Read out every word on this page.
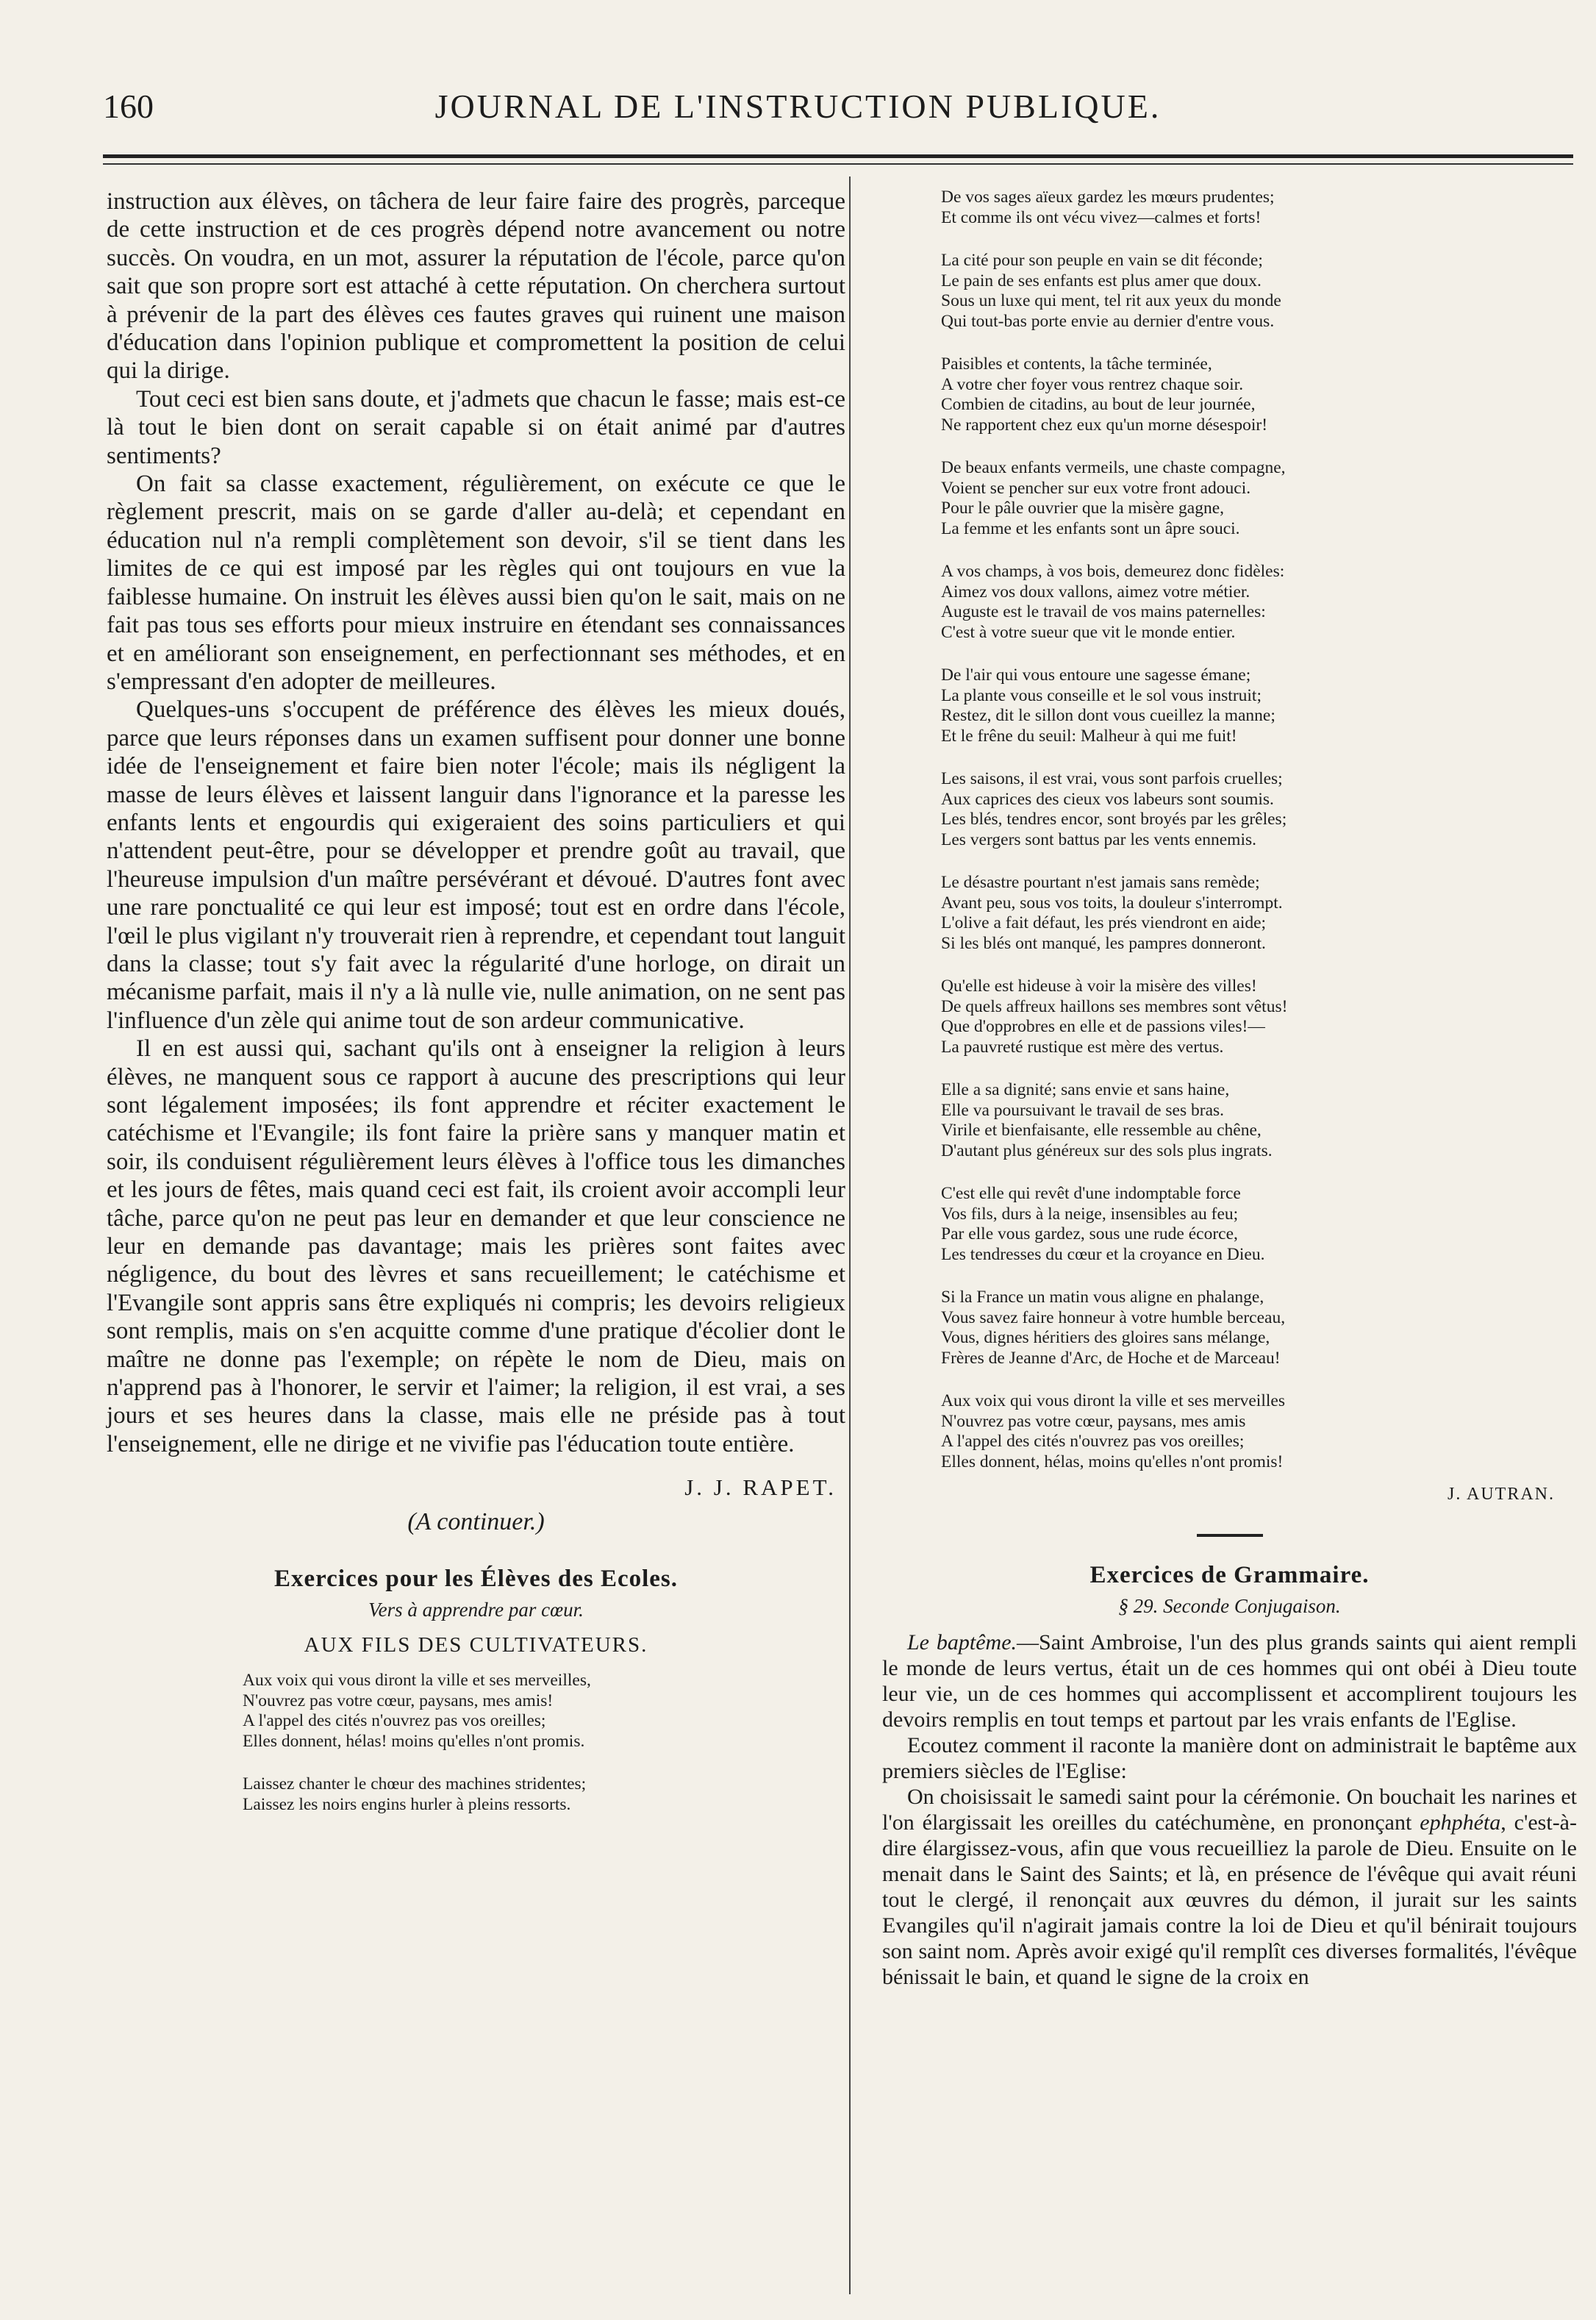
160	JOURNAL DE L'INSTRUCTION PUBLIQUE.

instruction aux élèves, on tâchera de leur faire faire des progrès, parceque de cette instruction et de ces progrès dépend notre avancement ou notre succès. On voudra, en un mot, assurer la réputation de l'école, parce qu'on sait que son propre sort est attaché à cette réputation. On cherchera surtout à prévenir de la part des élèves ces fautes graves qui ruinent une maison d'éducation dans l'opinion publique et compromettent la position de celui qui la dirige.

Tout ceci est bien sans doute, et j'admets que chacun le fasse; mais est-ce là tout le bien dont on serait capable si on était animé par d'autres sentiments?

On fait sa classe exactement, régulièrement, on exécute ce que le règlement prescrit, mais on se garde d'aller au-delà; et cependant en éducation nul n'a rempli complètement son devoir, s'il se tient dans les limites de ce qui est imposé par les règles qui ont toujours en vue la faiblesse humaine. On instruit les élèves aussi bien qu'on le sait, mais on ne fait pas tous ses efforts pour mieux instruire en étendant ses connaissances et en améliorant son enseignement, en perfectionnant ses méthodes, et en s'empressant d'en adopter de meilleures.

Quelques-uns s'occupent de préférence des élèves les mieux doués, parce que leurs réponses dans un examen suffisent pour donner une bonne idée de l'enseignement et faire bien noter l'école; mais ils négligent la masse de leurs élèves et laissent languir dans l'ignorance et la paresse les enfants lents et engourdis qui exigeraient des soins particuliers et qui n'attendent peut-être, pour se développer et prendre goût au travail, que l'heureuse impulsion d'un maître persévérant et dévoué. D'autres font avec une rare ponctualité ce qui leur est imposé; tout est en ordre dans l'école, l'œil le plus vigilant n'y trouverait rien à reprendre, et cependant tout languit dans la classe; tout s'y fait avec la régularité d'une horloge, on dirait un mécanisme parfait, mais il n'y a là nulle vie, nulle animation, on ne sent pas l'influence d'un zèle qui anime tout de son ardeur communicative.

Il en est aussi qui, sachant qu'ils ont à enseigner la religion à leurs élèves, ne manquent sous ce rapport à aucune des prescriptions qui leur sont légalement imposées; ils font apprendre et réciter exactement le catéchisme et l'Evangile; ils font faire la prière sans y manquer matin et soir, ils conduisent régulièrement leurs élèves à l'office tous les dimanches et les jours de fêtes, mais quand ceci est fait, ils croient avoir accompli leur tâche, parce qu'on ne peut pas leur en demander et que leur conscience ne leur en demande pas davantage; mais les prières sont faites avec négligence, du bout des lèvres et sans recueillement; le catéchisme et l'Evangile sont appris sans être expliqués ni compris; les devoirs religieux sont remplis, mais on s'en acquitte comme d'une pratique d'écolier dont le maître ne donne pas l'exemple; on répète le nom de Dieu, mais on n'apprend pas à l'honorer, le servir et l'aimer; la religion, il est vrai, a ses jours et ses heures dans la classe, mais elle ne préside pas à tout l'enseignement, elle ne dirige et ne vivifie pas l'éducation toute entière.

J. J. RAPET.
(A continuer.)
Exercices pour les Élèves des Ecoles.
Vers à apprendre par cœur.
AUX FILS DES CULTIVATEURS.
Aux voix qui vous diront la ville et ses merveilles,
N'ouvrez pas votre cœur, paysans, mes amis!
A l'appel des cités n'ouvrez pas vos oreilles;
Elles donnent, hélas! moins qu'elles n'ont promis.
Laissez chanter le chœur des machines stridentes;
Laissez les noirs engins hurler à pleins ressorts.
De vos sages aïeux gardez les mœurs prudentes;
Et comme ils ont vécu vivez—calmes et forts!
La cité pour son peuple en vain se dit féconde;
Le pain de ses enfants est plus amer que doux.
Sous un luxe qui ment, tel rit aux yeux du monde
Qui tout-bas porte envie au dernier d'entre vous.
Paisibles et contents, la tâche terminée,
A votre cher foyer vous rentrez chaque soir.
Combien de citadins, au bout de leur journée,
Ne rapportent chez eux qu'un morne désespoir!
De beaux enfants vermeils, une chaste compagne,
Voient se pencher sur eux votre front adouci.
Pour le pâle ouvrier que la misère gagne,
La femme et les enfants sont un âpre souci.
A vos champs, à vos bois, demeurez donc fidèles:
Aimez vos doux vallons, aimez votre métier.
Auguste est le travail de vos mains paternelles:
C'est à votre sueur que vit le monde entier.
De l'air qui vous entoure une sagesse émane;
La plante vous conseille et le sol vous instruit;
Restez, dit le sillon dont vous cueillez la manne;
Et le frêne du seuil: Malheur à qui me fuit!
Les saisons, il est vrai, vous sont parfois cruelles;
Aux caprices des cieux vos labeurs sont soumis.
Les blés, tendres encor, sont broyés par les grêles;
Les vergers sont battus par les vents ennemis.
Le désastre pourtant n'est jamais sans remède;
Avant peu, sous vos toits, la douleur s'interrompt.
L'olive a fait défaut, les prés viendront en aide;
Si les blés ont manqué, les pampres donneront.
Qu'elle est hideuse à voir la misère des villes!
De quels affreux haillons ses membres sont vêtus!
Que d'opprobres en elle et de passions viles!—
La pauvreté rustique est mère des vertus.
Elle a sa dignité; sans envie et sans haine,
Elle va poursuivant le travail de ses bras.
Virile et bienfaisante, elle ressemble au chêne,
D'autant plus généreux sur des sols plus ingrats.
C'est elle qui revêt d'une indomptable force
Vos fils, durs à la neige, insensibles au feu;
Par elle vous gardez, sous une rude écorce,
Les tendresses du cœur et la croyance en Dieu.
Si la France un matin vous aligne en phalange,
Vous savez faire honneur à votre humble berceau,
Vous, dignes héritiers des gloires sans mélange,
Frères de Jeanne d'Arc, de Hoche et de Marceau!
Aux voix qui vous diront la ville et ses merveilles
N'ouvrez pas votre cœur, paysans, mes amis
A l'appel des cités n'ouvrez pas vos oreilles;
Elles donnent, hélas, moins qu'elles n'ont promis!
J. AUTRAN.
Exercices de Grammaire.
§ 29. Seconde Conjugaison.

Le baptême.—Saint Ambroise, l'un des plus grands saints qui aient rempli le monde de leurs vertus, était un de ces hommes qui ont obéi à Dieu toute leur vie, un de ces hommes qui accomplissent et accomplirent toujours les devoirs remplis en tout temps et partout par les vrais enfants de l'Eglise.

Ecoutez comment il raconte la manière dont on administrait le baptême aux premiers siècles de l'Eglise:

On choisissait le samedi saint pour la cérémonie. On bouchait les narines et l'on élargissait les oreilles du catéchumène, en prononçant ephphéta, c'est-à-dire élargissez-vous, afin que vous recueilliez la parole de Dieu. Ensuite on le menait dans le Saint des Saints; et là, en présence de l'évêque qui avait réuni tout le clergé, il renonçait aux œuvres du démon, il jurait sur les saints Evangiles qu'il n'agirait jamais contre la loi de Dieu et qu'il bénirait toujours son saint nom. Après avoir exigé qu'il remplît ces diverses formalités, l'évêque bénissait le bain, et quand le signe de la croix en
